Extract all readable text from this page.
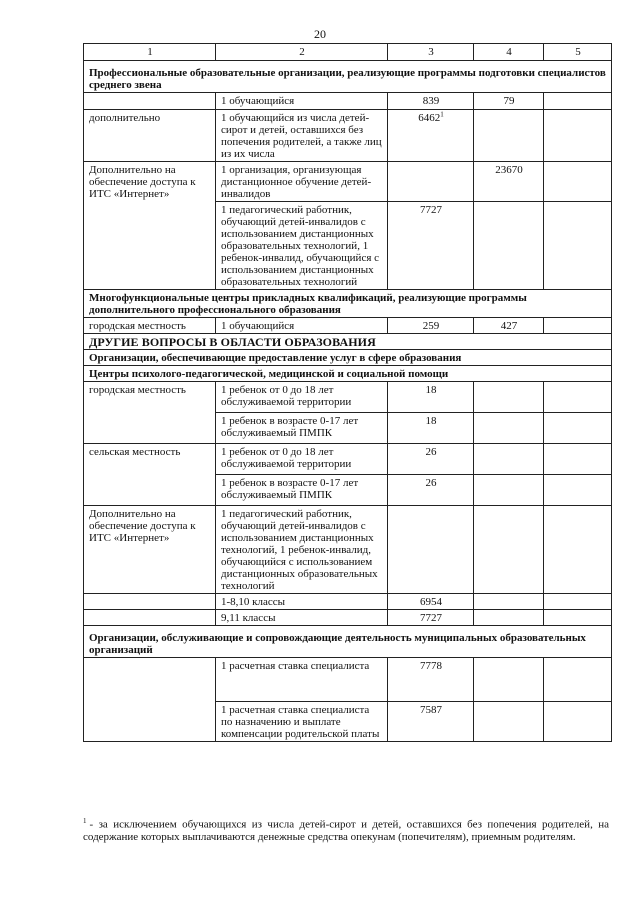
20
1	2	3	4	5
Профессиональные образовательные организации, реализующие программы подготовки специалистов среднего звена				
	1 обучающийся	839	79	
дополнительно	1 обучающийся из числа детей-сирот и детей, оставшихся без попечения родителей, а также лиц из их числа	6462$^1$		
Дополнительно на обеспечение доступа к ИТС «Интернет»	1 организация, организующая дистанционное обучение детей-инвалидов		23670	
	1 педагогический работник, обучающий детей-инвалидов с использованием дистанционных образовательных технологий, 1 ребенок-инвалид, обучающийся с использованием дистанционных образовательных технологий	7727		
Многофункциональные центры прикладных квалификаций, реализующие программы дополнительного профессионального образования				
городская местность	1 обучающийся	259	427	
ДРУГИЕ ВОПРОСЫ В ОБЛАСТИ ОБРАЗОВАНИЯ				
Организации, обеспечивающие предоставление услуг в сфере образования				
Центры психолого-педагогической, медицинской и социальной помощи				
городская местность	1 ребенок от 0 до 18 лет обслуживаемой территории	18		
	1 ребенок в возрасте 0-17 лет обслуживаемый ПМПК	18		
сельская местность	1 ребенок от 0 до 18 лет обслуживаемой территории	26		
	1 ребенок в возрасте 0-17 лет обслуживаемый ПМПК	26		
Дополнительно на обеспечение доступа к ИТС «Интернет»	1 педагогический работник, обучающий детей-инвалидов с использованием дистанционных технологий, 1 ребенок-инвалид, обучающийся с использованием дистанционных образовательных технологий			
	1-8,10 классы	6954		
	9,11 классы	7727		
Организации, обслуживающие и сопровождающие деятельность муниципальных образовательных организаций				
	1 расчетная ставка специалиста	7778		
	1 расчетная ставка специалиста по назначению и выплате компенсации родительской платы	7587		
$^1$ - за исключением обучающихся из числа детей-сирот и детей, оставшихся без попечения родителей, на содержание которых выплачиваются денежные средства опекунам (попечителям), приемным родителям.
